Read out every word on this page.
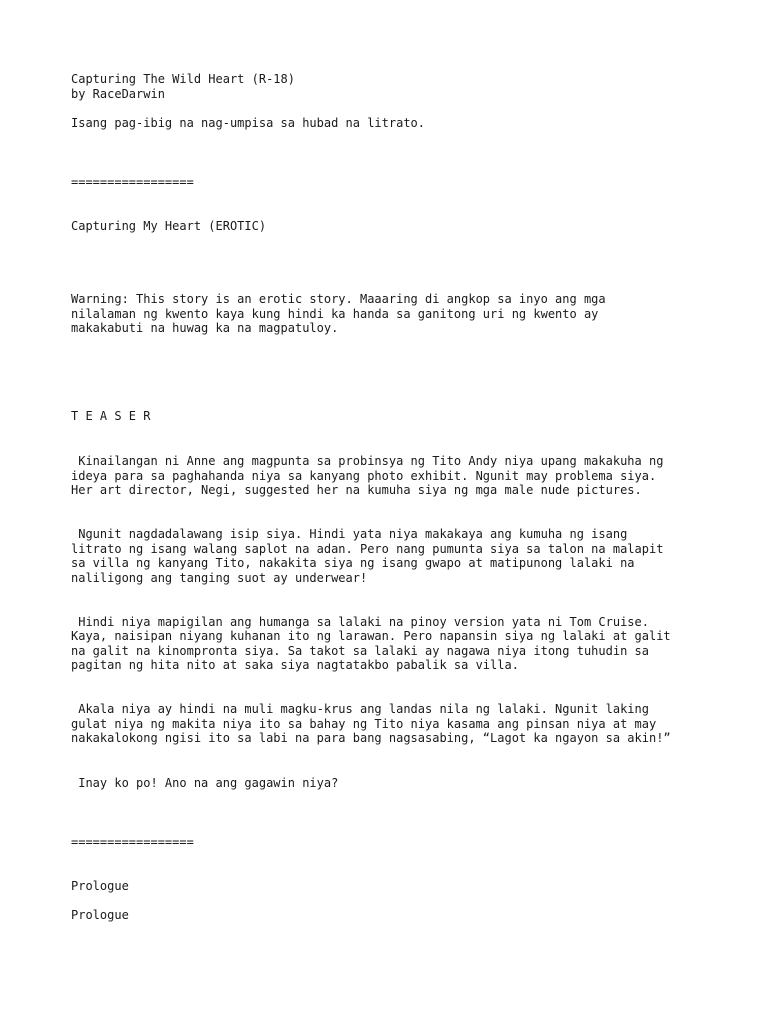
Capturing The Wild Heart (R-18)
by RaceDarwin
Isang pag-ibig na nag-umpisa sa hubad na litrato.
=================
Capturing My Heart (EROTIC)
Warning: This story is an erotic story. Maaaring di angkop sa inyo ang mga
nilalaman ng kwento kaya kung hindi ka handa sa ganitong uri ng kwento ay
makakabuti na huwag ka na magpatuloy.
T E A S E R
Kinailangan ni Anne ang magpunta sa probinsya ng Tito Andy niya upang makakuha ng
ideya para sa paghahanda niya sa kanyang photo exhibit. Ngunit may problema siya.
Her art director, Negi, suggested her na kumuha siya ng mga male nude pictures.
Ngunit nagdadalawang isip siya. Hindi yata niya makakaya ang kumuha ng isang
litrato ng isang walang saplot na adan. Pero nang pumunta siya sa talon na malapit
sa villa ng kanyang Tito, nakakita siya ng isang gwapo at matipunong lalaki na
naliligong ang tanging suot ay underwear!
Hindi niya mapigilan ang humanga sa lalaki na pinoy version yata ni Tom Cruise.
Kaya, naisipan niyang kuhanan ito ng larawan. Pero napansin siya ng lalaki at galit
na galit na kinompronta siya. Sa takot sa lalaki ay nagawa niya itong tuhudin sa
pagitan ng hita nito at saka siya nagtatakbo pabalik sa villa.
Akala niya ay hindi na muli magku-krus ang landas nila ng lalaki. Ngunit laking
gulat niya ng makita niya ito sa bahay ng Tito niya kasama ang pinsan niya at may
nakakalokong ngisi ito sa labi na para bang nagsasabing, “Lagot ka ngayon sa akin!”
Inay ko po! Ano na ang gagawin niya?
=================
Prologue
Prologue
